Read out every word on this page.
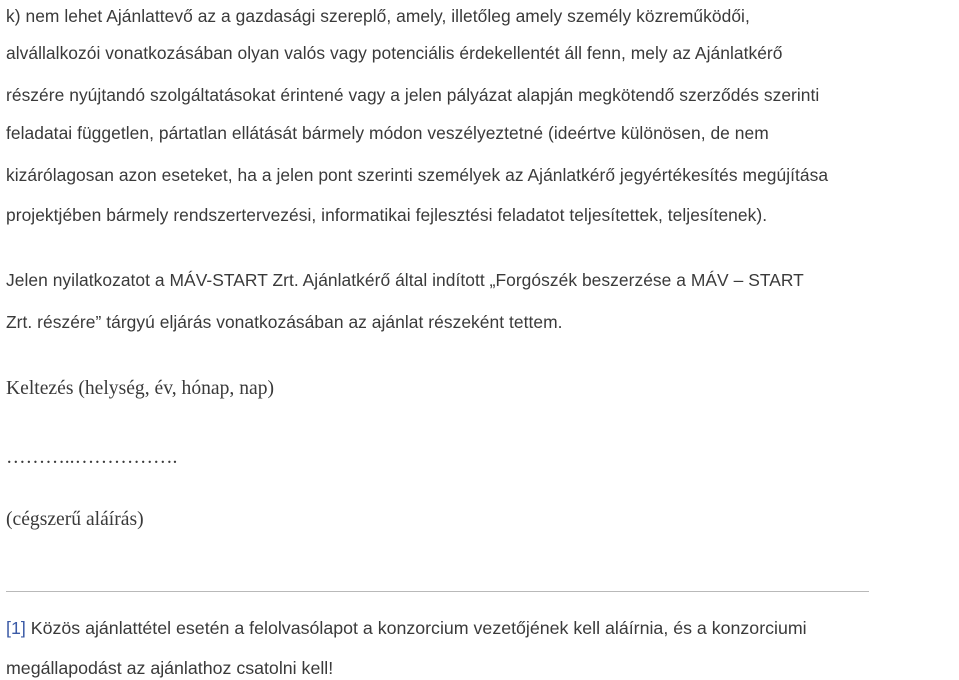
k) nem lehet Ajánlattevő az a gazdasági szereplő, amely, illetőleg amely személy közreműködői,
alvállalkozói vonatkozásában olyan valós vagy potenciális érdekellentét áll fenn, mely az Ajánlatkérő
részére nyújtandó szolgáltatásokat érintené vagy a jelen pályázat alapján megkötendő szerződés szerinti
feladatai független, pártatlan ellátását bármely módon veszélyeztetné (ideértve különösen, de nem
kizárólagosan azon eseteket, ha a jelen pont szerinti személyek az Ajánlatkérő jegyértékesítés megújítása
projektjében bármely rendszertervezési, informatikai fejlesztési feladatot teljesítettek, teljesítenek).
Jelen nyilatkozatot a MÁV-START Zrt. Ajánlatkérő által indított „Forgószék beszerzése a MÁV – START
Zrt. részére” tárgyú eljárás vonatkozásában az ajánlat részeként tettem.
Keltezés (helység, év, hónap, nap)
………..…………….
(cégszerű aláírás)
[1] Közös ajánlattétel esetén a felolvasólapot a konzorcium vezetőjének kell aláírnia, és a konzorciumi
megállapodást az ajánlathoz csatolni kell!
